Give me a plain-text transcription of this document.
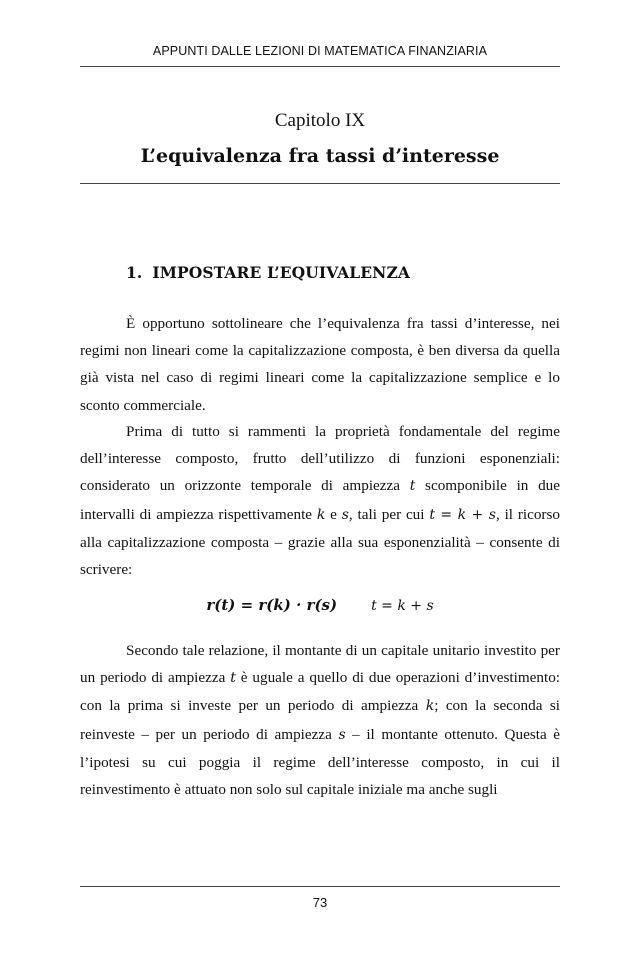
APPUNTI DALLE LEZIONI DI MATEMATICA FINANZIARIA
Capitolo IX
L’equivalenza fra tassi d’interesse
1. IMPOSTARE L’EQUIVALENZA

È opportuno sottolineare che l’equivalenza fra tassi d’interesse, nei regimi non lineari come la capitalizzazione composta, è ben diversa da quella già vista nel caso di regimi lineari come la capitalizzazione semplice e lo sconto commerciale.

Prima di tutto si rammenti la proprietà fondamentale del regime dell’interesse composto, frutto dell’utilizzo di funzioni esponenziali: considerato un orizzonte temporale di ampiezza t scomponibile in due intervalli di ampiezza rispettivamente k e s, tali per cui t = k + s, il ricorso alla capitalizzazione composta – grazie alla sua esponenzialità – consente di scrivere:

r(t) = r(k) · r(s) t = k + s

Secondo tale relazione, il montante di un capitale unitario investito per un periodo di ampiezza t è uguale a quello di due operazioni d’investimento: con la prima si investe per un periodo di ampiezza k; con la seconda si reinveste – per un periodo di ampiezza s – il montante ottenuto. Questa è l’ipotesi su cui poggia il regime dell’interesse composto, in cui il reinvestimento è attuato non solo sul capitale iniziale ma anche sugli

73
